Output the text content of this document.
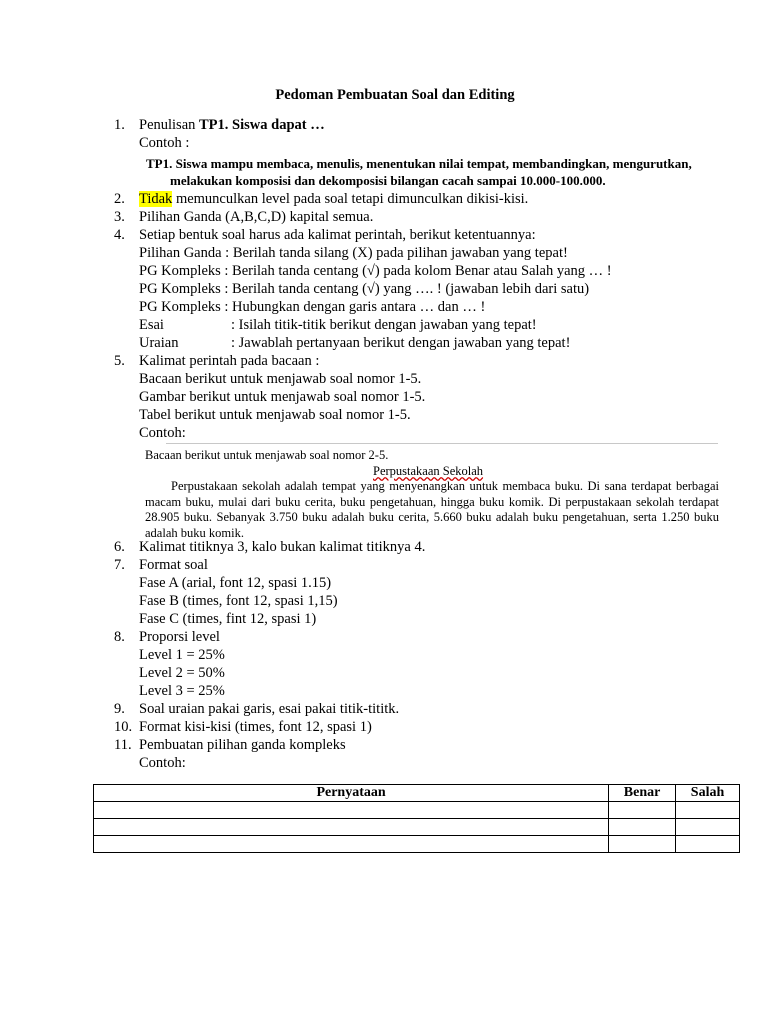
Pedoman Pembuatan Soal dan Editing
1. Penulisan TP1. Siswa dapat …
Contoh :
TP1. Siswa mampu membaca, menulis, menentukan nilai tempat, membandingkan, mengurutkan,
melakukan komposisi dan dekomposisi bilangan cacah sampai 10.000-100.000.
2. Tidak memunculkan level pada soal tetapi dimunculkan dikisi-kisi.
3. Pilihan Ganda (A,B,C,D) kapital semua.
4. Setiap bentuk soal harus ada kalimat perintah, berikut ketentuannya:
Pilihan Ganda : Berilah tanda silang (X) pada pilihan jawaban yang tepat!
PG Kompleks : Berilah tanda centang (√) pada kolom Benar atau Salah yang … !
PG Kompleks : Berilah tanda centang (√) yang …. ! (jawaban lebih dari satu)
PG Kompleks : Hubungkan dengan garis antara … dan … !
Esai	: Isilah titik-titik berikut dengan jawaban yang tepat!
Uraian	: Jawablah pertanyaan berikut dengan jawaban yang tepat!
5. Kalimat perintah pada bacaan :
Bacaan berikut untuk menjawab soal nomor 1-5.
Gambar berikut untuk menjawab soal nomor 1-5.
Tabel berikut untuk menjawab soal nomor 1-5.
Contoh:
Bacaan berikut untuk menjawab soal nomor 2-5.
Perpustakaan Sekolah
Perpustakaan sekolah adalah tempat yang menyenangkan untuk membaca buku. Di sana terdapat berbagai macam buku, mulai dari buku cerita, buku pengetahuan, hingga buku komik. Di perpustakaan sekolah terdapat 28.905 buku. Sebanyak 3.750 buku adalah buku cerita, 5.660 buku adalah buku pengetahuan, serta 1.250 buku adalah buku komik.
6. Kalimat titiknya 3, kalo bukan kalimat titiknya 4.
7. Format soal
Fase A (arial, font 12, spasi 1.15)
Fase B (times, font 12, spasi 1,15)
Fase C (times, fint 12, spasi 1)
8. Proporsi level
Level 1 = 25%
Level 2 = 50%
Level 3 = 25%
9. Soal uraian pakai garis, esai pakai titik-tititk.
10. Format kisi-kisi (times, font 12, spasi 1)
11. Pembuatan pilihan ganda kompleks
Contoh:
Pernyataan	Benar	Salah
